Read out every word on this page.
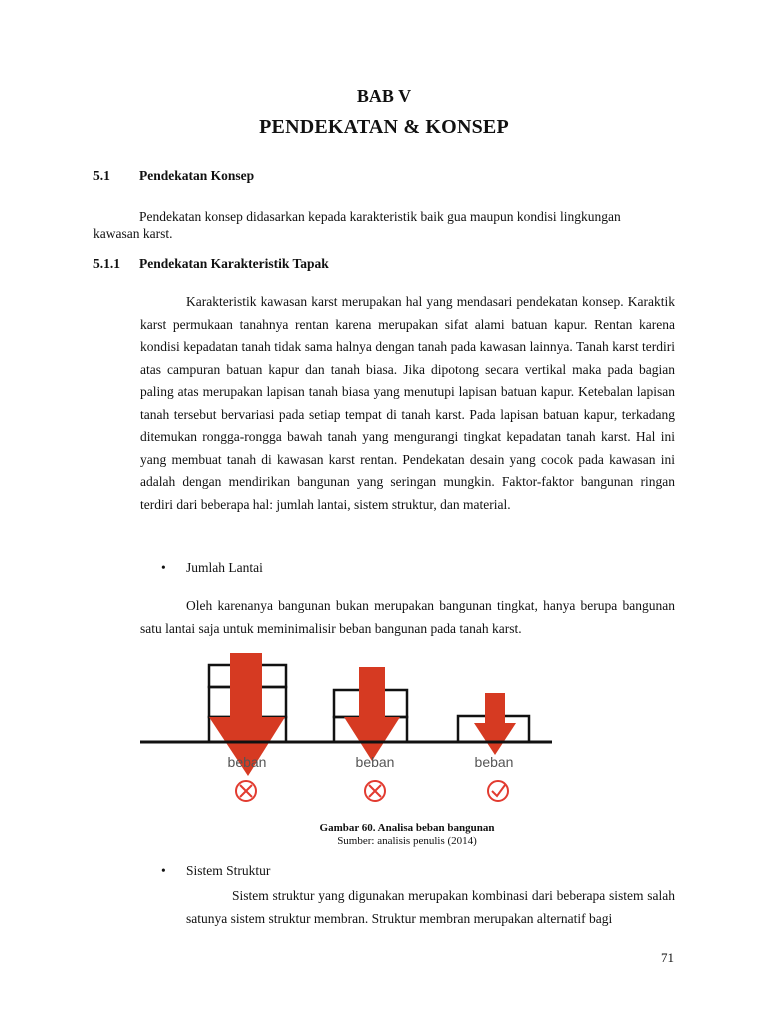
BAB V
PENDEKATAN & KONSEP
5.1 Pendekatan Konsep
Pendekatan konsep didasarkan kepada karakteristik baik gua maupun kondisi lingkungan
kawasan karst.
5.1.1 Pendekatan Karakteristik Tapak
Karakteristik kawasan karst merupakan hal yang mendasari pendekatan konsep. Karaktik karst permukaan tanahnya rentan karena merupakan sifat alami batuan kapur. Rentan karena kondisi kepadatan tanah tidak sama halnya dengan tanah pada kawasan lainnya. Tanah karst terdiri atas campuran batuan kapur dan tanah biasa. Jika dipotong secara vertikal maka pada bagian paling atas merupakan lapisan tanah biasa yang menutupi lapisan batuan kapur. Ketebalan lapisan tanah tersebut bervariasi pada setiap tempat di tanah karst. Pada lapisan batuan kapur, terkadang ditemukan rongga-rongga bawah tanah yang mengurangi tingkat kepadatan tanah karst. Hal ini yang membuat tanah di kawasan karst rentan. Pendekatan desain yang cocok pada kawasan ini adalah dengan mendirikan bangunan yang seringan mungkin. Faktor-faktor bangunan ringan terdiri dari beberapa hal: jumlah lantai, sistem struktur, dan material.
• Jumlah Lantai
Oleh karenanya bangunan bukan merupakan bangunan tingkat, hanya berupa bangunan satu lantai saja untuk meminimalisir beban bangunan pada tanah karst.
beban	beban	beban
Gambar 60. Analisa beban bangunan
Sumber: analisis penulis (2014)
• Sistem Struktur
Sistem struktur yang digunakan merupakan kombinasi dari beberapa sistem salah satunya sistem struktur membran. Struktur membran merupakan alternatif bagi
71
